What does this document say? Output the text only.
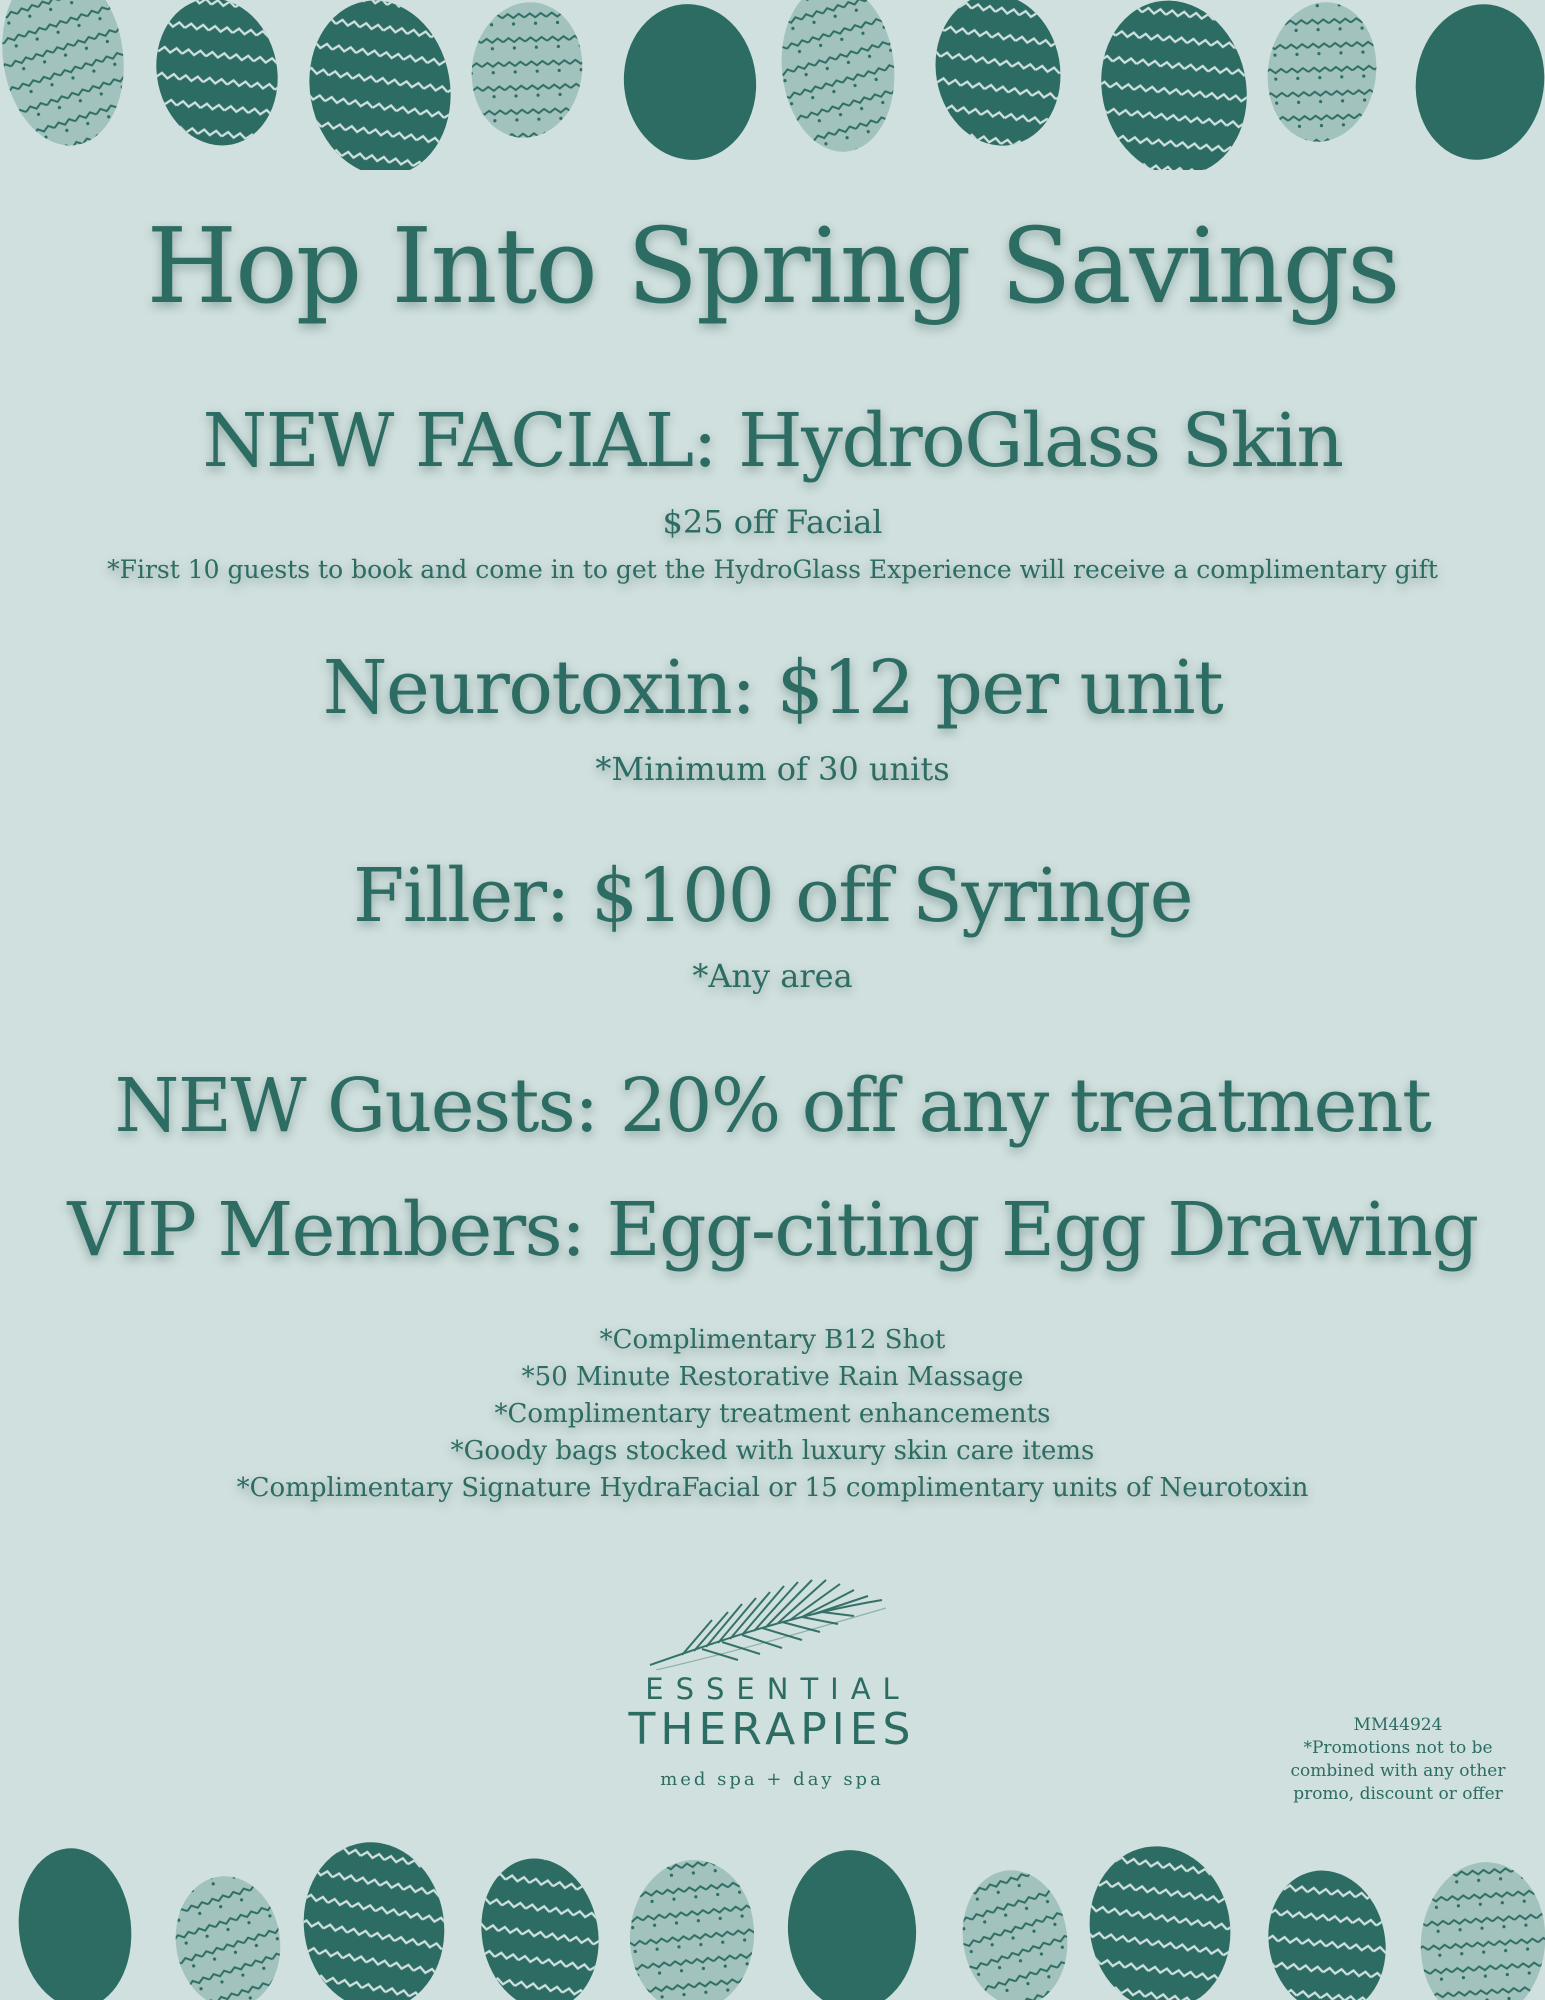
Hop Into Spring Savings
NEW FACIAL: HydroGlass Skin
$25 off Facial
*First 10 guests to book and come in to get the HydroGlass Experience will receive a complimentary gift
Neurotoxin: $12 per unit
*Minimum of 30 units
Filler: $100 off Syringe
*Any area
NEW Guests: 20% off any treatment
VIP Members: Egg-citing Egg Drawing
*Complimentary B12 Shot
*50 Minute Restorative Rain Massage
*Complimentary treatment enhancements
*Goody bags stocked with luxury skin care items
*Complimentary Signature HydraFacial or 15 complimentary units of Neurotoxin
ESSENTIAL
THERAPIES
med spa + day spa
MM44924
*Promotions not to be combined with any other promo, discount or offer
